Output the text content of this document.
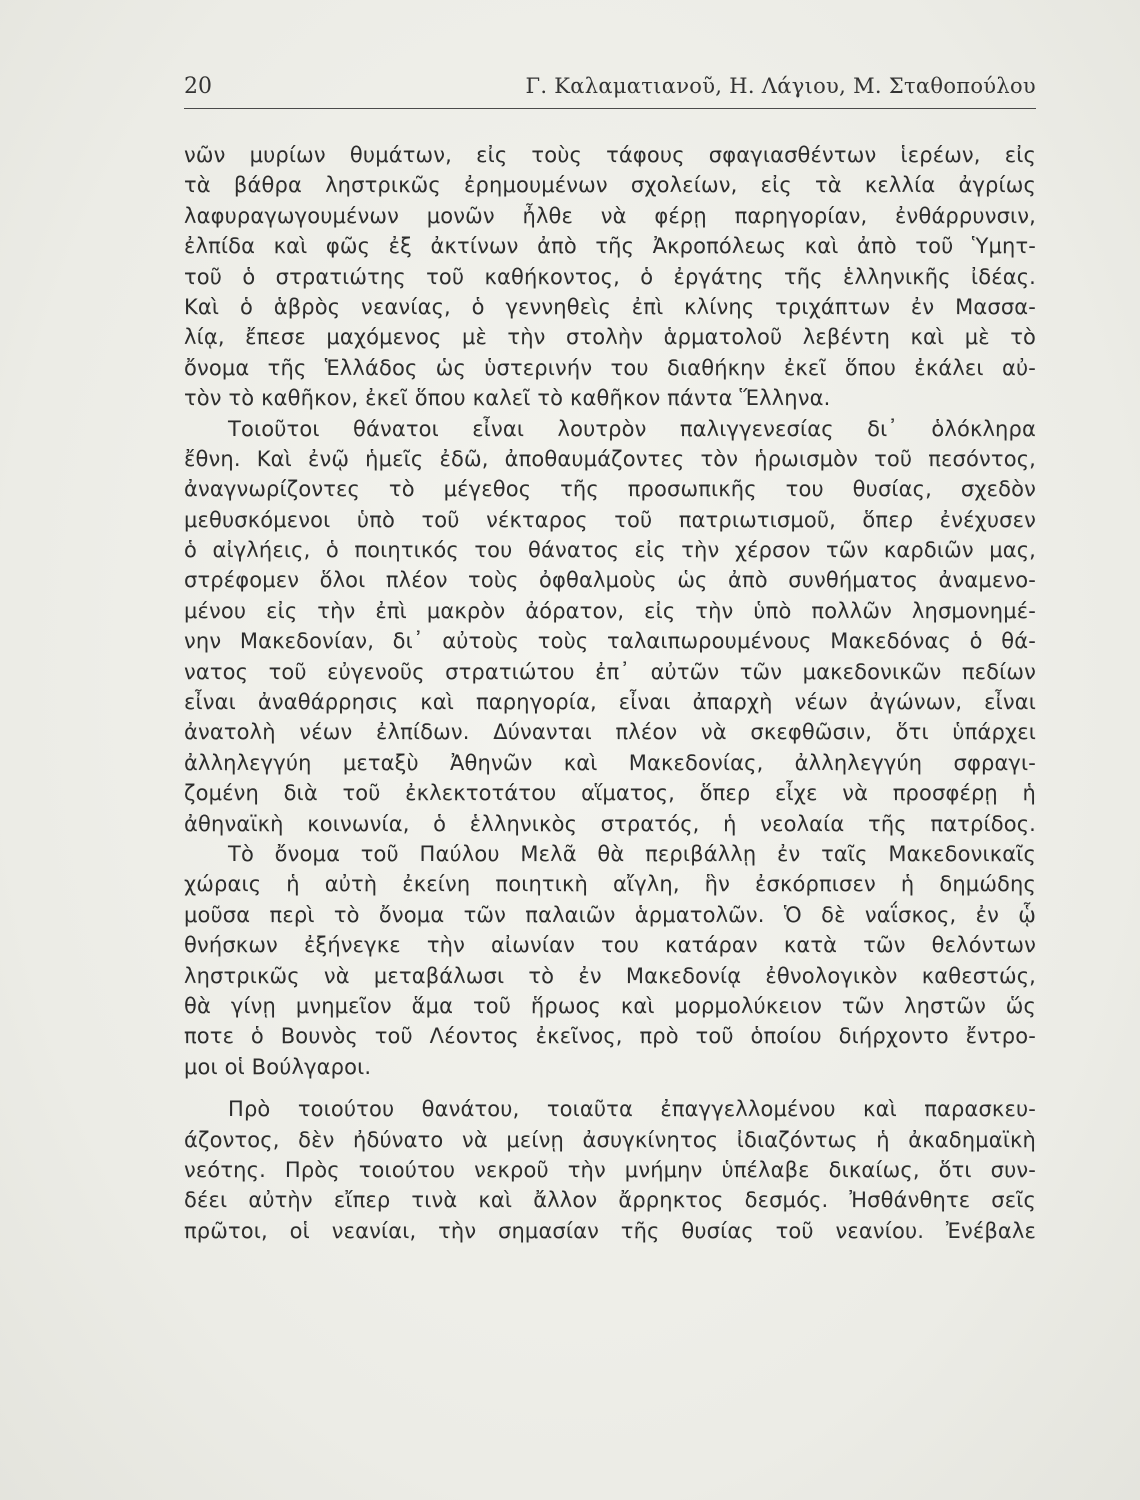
20	Γ. Καλαματιανοῦ, Η. Λάγιου, Μ. Σταθοπούλου
νῶν μυρίων θυμάτων, εἰς τοὺς τάφους σφαγιασθέντων ἱερέων, εἰς
τὰ βάθρα ληστρικῶς ἐρημουμένων σχολείων, εἰς τὰ κελλία ἀγρίως
λαφυραγωγουμένων μονῶν ἦλθε νὰ φέρῃ παρηγορίαν, ἐνθάρρυνσιν,
ἐλπίδα καὶ φῶς ἐξ ἀκτίνων ἀπὸ τῆς Ἀκροπόλεως καὶ ἀπὸ τοῦ Ὑμητ-
τοῦ ὁ στρατιώτης τοῦ καθήκοντος, ὁ ἐργάτης τῆς ἑλληνικῆς ἰδέας.
Καὶ ὁ ἁβρὸς νεανίας, ὁ γεννηθεὶς ἐπὶ κλίνης τριχάπτων ἐν Μασσα-
λίᾳ, ἔπεσε μαχόμενος μὲ τὴν στολὴν ἁρματολοῦ λεβέντη καὶ μὲ τὸ
ὄνομα τῆς Ἑλλάδος ὡς ὑστερινήν του διαθήκην ἐκεῖ ὅπου ἐκάλει αὐ-
τὸν τὸ καθῆκον, ἐκεῖ ὅπου καλεῖ τὸ καθῆκον πάντα Ἕλληνα.
Τοιοῦτοι θάνατοι εἶναι λουτρὸν παλιγγενεσίας δι᾽ ὁλόκληρα
ἔθνη. Καὶ ἐνῷ ἡμεῖς ἐδῶ, ἀποθαυμάζοντες τὸν ἡρωισμὸν τοῦ πεσόντος,
ἀναγνωρίζοντες τὸ μέγεθος τῆς προσωπικῆς του θυσίας, σχεδὸν
μεθυσκόμενοι ὑπὸ τοῦ νέκταρος τοῦ πατριωτισμοῦ, ὅπερ ἐνέχυσεν
ὁ αἰγλήεις, ὁ ποιητικός του θάνατος εἰς τὴν χέρσον τῶν καρδιῶν μας,
στρέφομεν ὅλοι πλέον τοὺς ὀφθαλμοὺς ὡς ἀπὸ συνθήματος ἀναμενο-
μένου εἰς τὴν ἐπὶ μακρὸν ἀόρατον, εἰς τὴν ὑπὸ πολλῶν λησμονημέ-
νην Μακεδονίαν, δι᾽ αὐτοὺς τοὺς ταλαιπωρουμένους Μακεδόνας ὁ θά-
νατος τοῦ εὐγενοῦς στρατιώτου ἐπ᾽ αὐτῶν τῶν μακεδονικῶν πεδίων
εἶναι ἀναθάρρησις καὶ παρηγορία, εἶναι ἀπαρχὴ νέων ἀγώνων, εἶναι
ἀνατολὴ νέων ἐλπίδων. Δύνανται πλέον νὰ σκεφθῶσιν, ὅτι ὑπάρχει
ἀλληλεγγύη μεταξὺ Ἀθηνῶν καὶ Μακεδονίας, ἀλληλεγγύη σφραγι-
ζομένη διὰ τοῦ ἐκλεκτοτάτου αἵματος, ὅπερ εἶχε νὰ προσφέρῃ ἡ
ἀθηναϊκὴ κοινωνία, ὁ ἑλληνικὸς στρατός, ἡ νεολαία τῆς πατρίδος.
Τὸ ὄνομα τοῦ Παύλου Μελᾶ θὰ περιβάλλῃ ἐν ταῖς Μακεδονικαῖς
χώραις ἡ αὐτὴ ἐκείνη ποιητικὴ αἴγλη, ἣν ἐσκόρπισεν ἡ δημώδης
μοῦσα περὶ τὸ ὄνομα τῶν παλαιῶν ἁρματολῶν. Ὁ δὲ ναΐσκος, ἐν ᾧ
θνήσκων ἐξήνεγκε τὴν αἰωνίαν του κατάραν κατὰ τῶν θελόντων
ληστρικῶς νὰ μεταβάλωσι τὸ ἐν Μακεδονίᾳ ἐθνολογικὸν καθεστώς,
θὰ γίνῃ μνημεῖον ἅμα τοῦ ἥρωος καὶ μορμολύκειον τῶν ληστῶν ὥς
ποτε ὁ Βουνὸς τοῦ Λέοντος ἐκεῖνος, πρὸ τοῦ ὁποίου διήρχοντο ἔντρο-
μοι οἱ Βούλγαροι.
Πρὸ τοιούτου θανάτου, τοιαῦτα ἐπαγγελλομένου καὶ παρασκευ-
άζοντος, δὲν ἠδύνατο νὰ μείνῃ ἀσυγκίνητος ἰδιαζόντως ἡ ἀκαδημαϊκὴ
νεότης. Πρὸς τοιούτου νεκροῦ τὴν μνήμην ὑπέλαβε δικαίως, ὅτι συν-
δέει αὐτὴν εἴπερ τινὰ καὶ ἄλλον ἄρρηκτος δεσμός. Ἠσθάνθητε σεῖς
πρῶτοι, οἱ νεανίαι, τὴν σημασίαν τῆς θυσίας τοῦ νεανίου. Ἐνέβαλε
